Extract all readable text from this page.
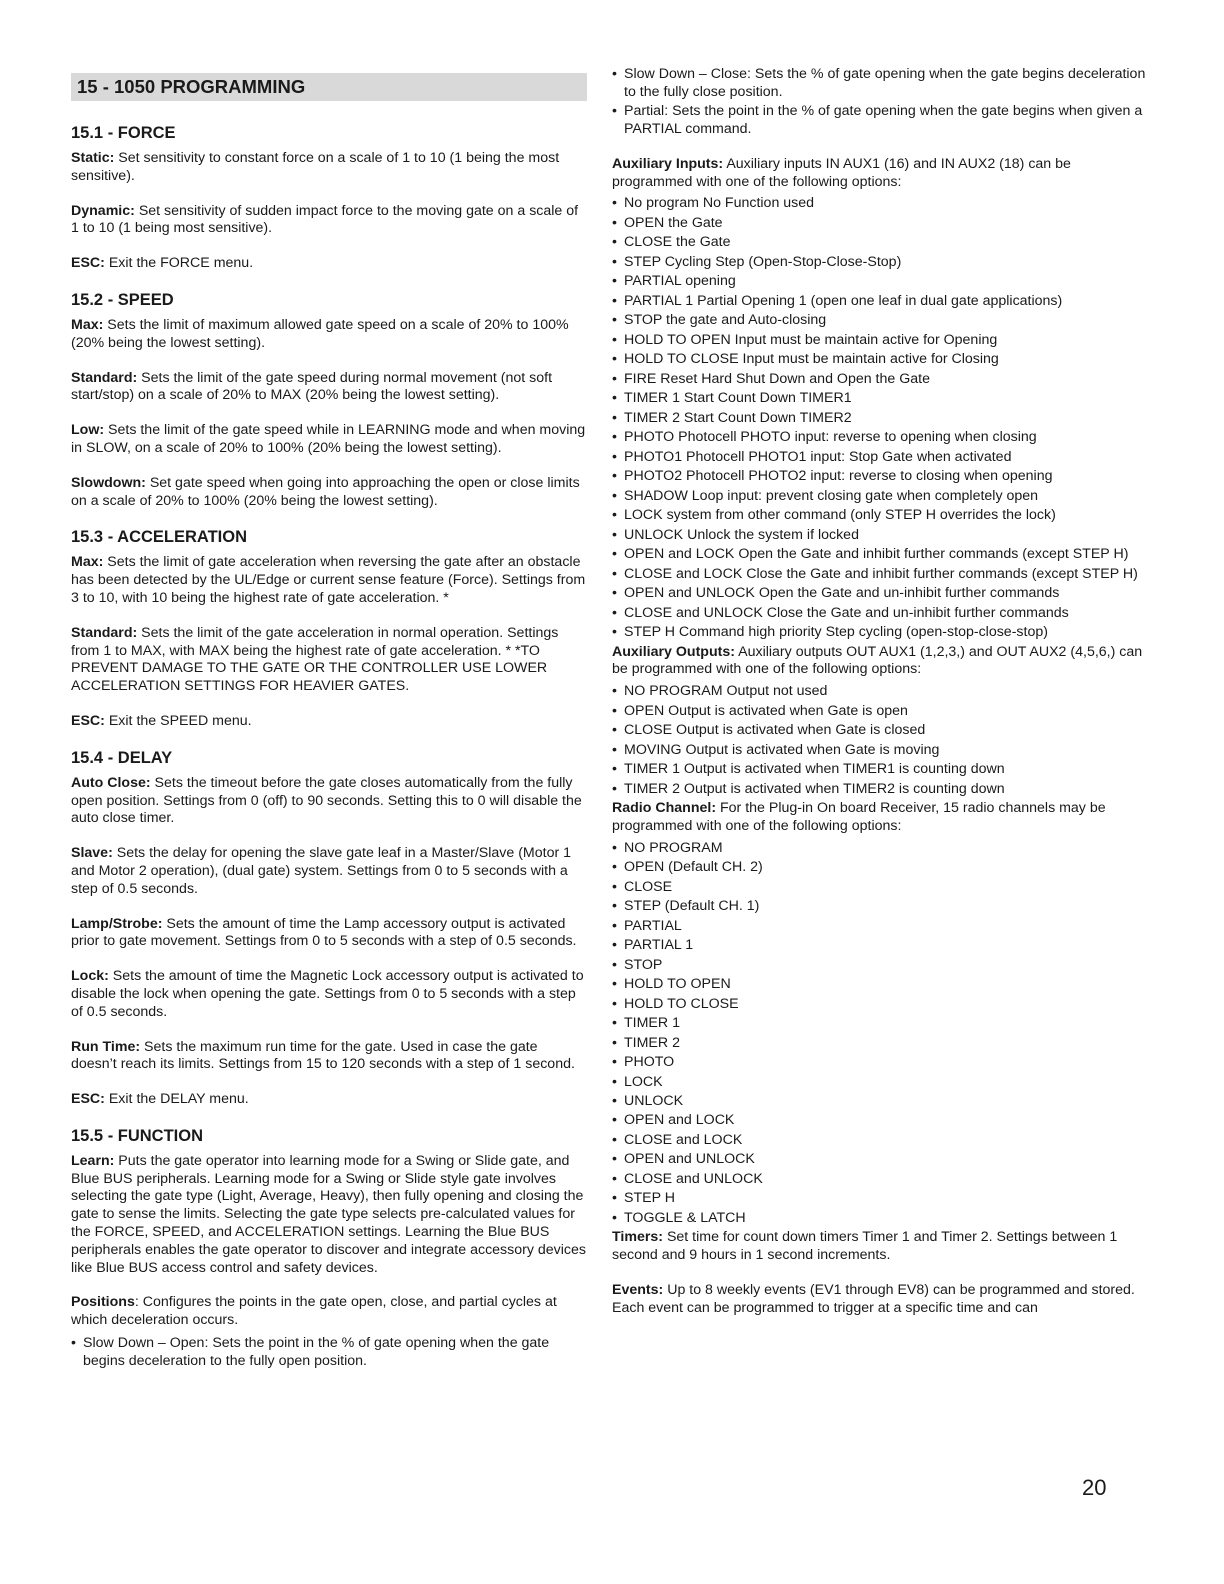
15 - 1050 PROGRAMMING
15.1 - FORCE

Static: Set sensitivity to constant force on a scale of 1 to 10 (1 being the most sensitive).

Dynamic: Set sensitivity of sudden impact force to the moving gate on a scale of 1 to 10 (1 being most sensitive).

ESC: Exit the FORCE menu.

15.2 - SPEED

Max: Sets the limit of maximum allowed gate speed on a scale of 20% to 100% (20% being the lowest setting).

Standard: Sets the limit of the gate speed during normal movement (not soft start/stop) on a scale of 20% to MAX (20% being the lowest setting).

Low: Sets the limit of the gate speed while in LEARNING mode and when moving in SLOW, on a scale of 20% to 100% (20% being the lowest setting).

Slowdown: Set gate speed when going into approaching the open or close limits on a scale of 20% to 100% (20% being the lowest setting).

15.3 - ACCELERATION

Max: Sets the limit of gate acceleration when reversing the gate after an obstacle has been detected by the UL/Edge or current sense feature (Force). Settings from 3 to 10, with 10 being the highest rate of gate acceleration. *

Standard: Sets the limit of the gate acceleration in normal operation. Settings from 1 to MAX, with MAX being the highest rate of gate acceleration. * *TO PREVENT DAMAGE TO THE GATE OR THE CONTROLLER USE LOWER ACCELERATION SETTINGS FOR HEAVIER GATES.

ESC: Exit the SPEED menu.

15.4 - DELAY

Auto Close: Sets the timeout before the gate closes automatically from the fully open position. Settings from 0 (off) to 90 seconds. Setting this to 0 will disable the auto close timer.

Slave: Sets the delay for opening the slave gate leaf in a Master/Slave (Motor 1 and Motor 2 operation), (dual gate) system. Settings from 0 to 5 seconds with a step of 0.5 seconds.

Lamp/Strobe: Sets the amount of time the Lamp accessory output is activated prior to gate movement. Settings from 0 to 5 seconds with a step of 0.5 seconds.

Lock: Sets the amount of time the Magnetic Lock accessory output is activated to disable the lock when opening the gate. Settings from 0 to 5 seconds with a step of 0.5 seconds.

Run Time: Sets the maximum run time for the gate. Used in case the gate doesn’t reach its limits. Settings from 15 to 120 seconds with a step of 1 second.

ESC: Exit the DELAY menu.

15.5 - FUNCTION

Learn: Puts the gate operator into learning mode for a Swing or Slide gate, and Blue BUS peripherals. Learning mode for a Swing or Slide style gate involves selecting the gate type (Light, Average, Heavy), then fully opening and closing the gate to sense the limits. Selecting the gate type selects pre-calculated values for the FORCE, SPEED, and ACCELERATION settings. Learning the Blue BUS peripherals enables the gate operator to discover and integrate accessory devices like Blue BUS access control and safety devices.

Positions: Configures the points in the gate open, close, and partial cycles at which deceleration occurs.

• Slow Down – Open: Sets the point in the % of gate opening when the gate begins deceleration to the fully open position.
• Slow Down – Close: Sets the % of gate opening when the gate begins deceleration to the fully close position.
• Partial: Sets the point in the % of gate opening when the gate begins when given a PARTIAL command.

Auxiliary Inputs: Auxiliary inputs IN AUX1 (16) and IN AUX2 (18) can be programmed with one of the following options:

• No program No Function used
• OPEN the Gate
• CLOSE the Gate
• STEP Cycling Step (Open-Stop-Close-Stop)
• PARTIAL opening
• PARTIAL 1 Partial Opening 1 (open one leaf in dual gate applications)
• STOP the gate and Auto-closing
• HOLD TO OPEN Input must be maintain active for Opening
• HOLD TO CLOSE Input must be maintain active for Closing
• FIRE Reset Hard Shut Down and Open the Gate
• TIMER 1 Start Count Down TIMER1
• TIMER 2 Start Count Down TIMER2
• PHOTO Photocell PHOTO input: reverse to opening when closing
• PHOTO1 Photocell PHOTO1 input: Stop Gate when activated
• PHOTO2 Photocell PHOTO2 input: reverse to closing when opening
• SHADOW Loop input: prevent closing gate when completely open
• LOCK system from other command (only STEP H overrides the lock)
• UNLOCK Unlock the system if locked
• OPEN and LOCK Open the Gate and inhibit further commands (except STEP H)
• CLOSE and LOCK Close the Gate and inhibit further commands (except STEP H)
• OPEN and UNLOCK Open the Gate and un-inhibit further commands
• CLOSE and UNLOCK Close the Gate and un-inhibit further commands
• STEP H Command high priority Step cycling (open-stop-close-stop)

Auxiliary Outputs: Auxiliary outputs OUT AUX1 (1,2,3,) and OUT AUX2 (4,5,6,) can be programmed with one of the following options:

• NO PROGRAM Output not used
• OPEN Output is activated when Gate is open
• CLOSE Output is activated when Gate is closed
• MOVING Output is activated when Gate is moving
• TIMER 1 Output is activated when TIMER1 is counting down
• TIMER 2 Output is activated when TIMER2 is counting down

Radio Channel: For the Plug-in On board Receiver, 15 radio channels may be programmed with one of the following options:

• NO PROGRAM
• OPEN (Default CH. 2)
• CLOSE
• STEP (Default CH. 1)
• PARTIAL
• PARTIAL 1
• STOP
• HOLD TO OPEN
• HOLD TO CLOSE
• TIMER 1
• TIMER 2
• PHOTO
• LOCK
• UNLOCK
• OPEN and LOCK
• CLOSE and LOCK
• OPEN and UNLOCK
• CLOSE and UNLOCK
• STEP H
• TOGGLE & LATCH

Timers: Set time for count down timers Timer 1 and Timer 2. Settings between 1 second and 9 hours in 1 second increments.

Events: Up to 8 weekly events (EV1 through EV8) can be programmed and stored. Each event can be programmed to trigger at a specific time and can

20
